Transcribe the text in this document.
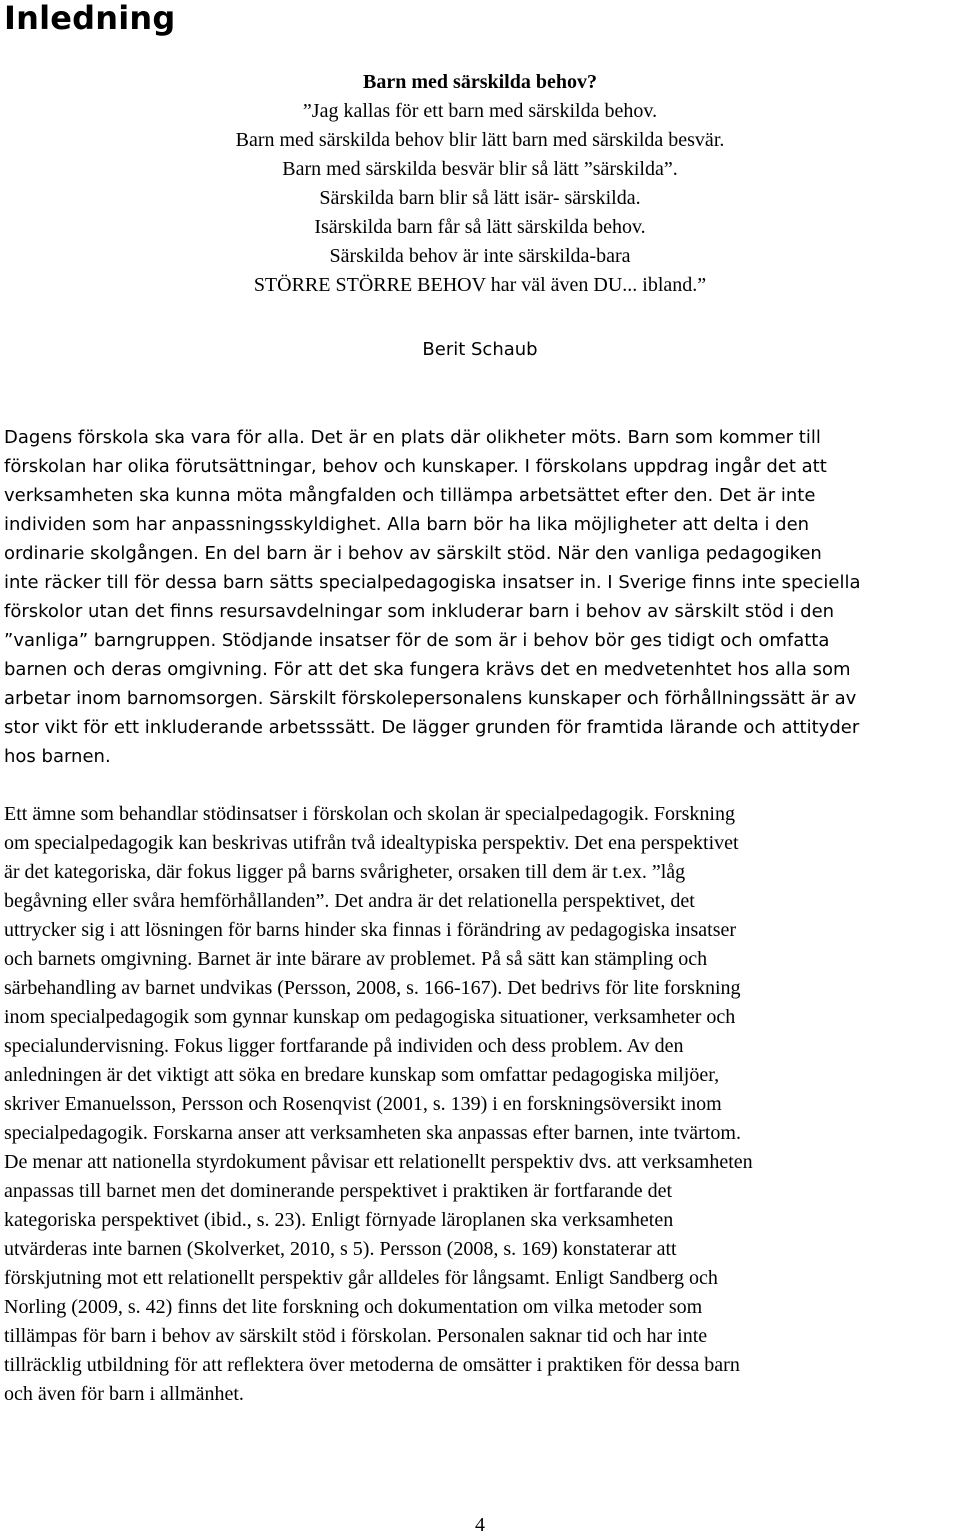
Inledning
Barn med särskilda behov?
”Jag kallas för ett barn med särskilda behov.
Barn med särskilda behov blir lätt barn med särskilda besvär.
Barn med särskilda besvär blir så lätt ”särskilda”.
Särskilda barn blir så lätt isär- särskilda.
Isärskilda barn får så lätt särskilda behov.
Särskilda behov är inte särskilda-bara
STÖRRE STÖRRE BEHOV har väl även DU... ibland.”
Berit Schaub
Dagens förskola ska vara för alla. Det är en plats där olikheter möts. Barn som kommer till
förskolan har olika förutsättningar, behov och kunskaper. I förskolans uppdrag ingår det att
verksamheten ska kunna möta mångfalden och tillämpa arbetsättet efter den. Det är inte
individen som har anpassningsskyldighet. Alla barn bör ha lika möjligheter att delta i den
ordinarie skolgången. En del barn är i behov av särskilt stöd. När den vanliga pedagogiken
inte räcker till för dessa barn sätts specialpedagogiska insatser in. I Sverige finns inte speciella
förskolor utan det finns resursavdelningar som inkluderar barn i behov av särskilt stöd i den
”vanliga” barngruppen. Stödjande insatser för de som är i behov bör ges tidigt och omfatta
barnen och deras omgivning. För att det ska fungera krävs det en medvetenhtet hos alla som
arbetar inom barnomsorgen. Särskilt förskolepersonalens kunskaper och förhållningssätt är av
stor vikt för ett inkluderande arbetsssätt. De lägger grunden för framtida lärande och attityder
hos barnen.
Ett ämne som behandlar stödinsatser i förskolan och skolan är specialpedagogik. Forskning
om specialpedagogik kan beskrivas utifrån två idealtypiska perspektiv. Det ena perspektivet
är det kategoriska, där fokus ligger på barns svårigheter, orsaken till dem är t.ex. ”låg
begåvning eller svåra hemförhållanden”. Det andra är det relationella perspektivet, det
uttrycker sig i att lösningen för barns hinder ska finnas i förändring av pedagogiska insatser
och barnets omgivning. Barnet är inte bärare av problemet. På så sätt kan stämpling och
särbehandling av barnet undvikas (Persson, 2008, s. 166-167). Det bedrivs för lite forskning
inom specialpedagogik som gynnar kunskap om pedagogiska situationer, verksamheter och
specialundervisning. Fokus ligger fortfarande på individen och dess problem. Av den
anledningen är det viktigt att söka en bredare kunskap som omfattar pedagogiska miljöer,
skriver Emanuelsson, Persson och Rosenqvist (2001, s. 139) i en forskningsöversikt inom
specialpedagogik. Forskarna anser att verksamheten ska anpassas efter barnen, inte tvärtom.
De menar att nationella styrdokument påvisar ett relationellt perspektiv dvs. att verksamheten
anpassas till barnet men det dominerande perspektivet i praktiken är fortfarande det
kategoriska perspektivet (ibid., s. 23). Enligt förnyade läroplanen ska verksamheten
utvärderas inte barnen (Skolverket, 2010, s 5). Persson (2008, s. 169) konstaterar att
förskjutning mot ett relationellt perspektiv går alldeles för långsamt. Enligt Sandberg och
Norling (2009, s. 42) finns det lite forskning och dokumentation om vilka metoder som
tillämpas för barn i behov av särskilt stöd i förskolan. Personalen saknar tid och har inte
tillräcklig utbildning för att reflektera över metoderna de omsätter i praktiken för dessa barn
och även för barn i allmänhet.
4
